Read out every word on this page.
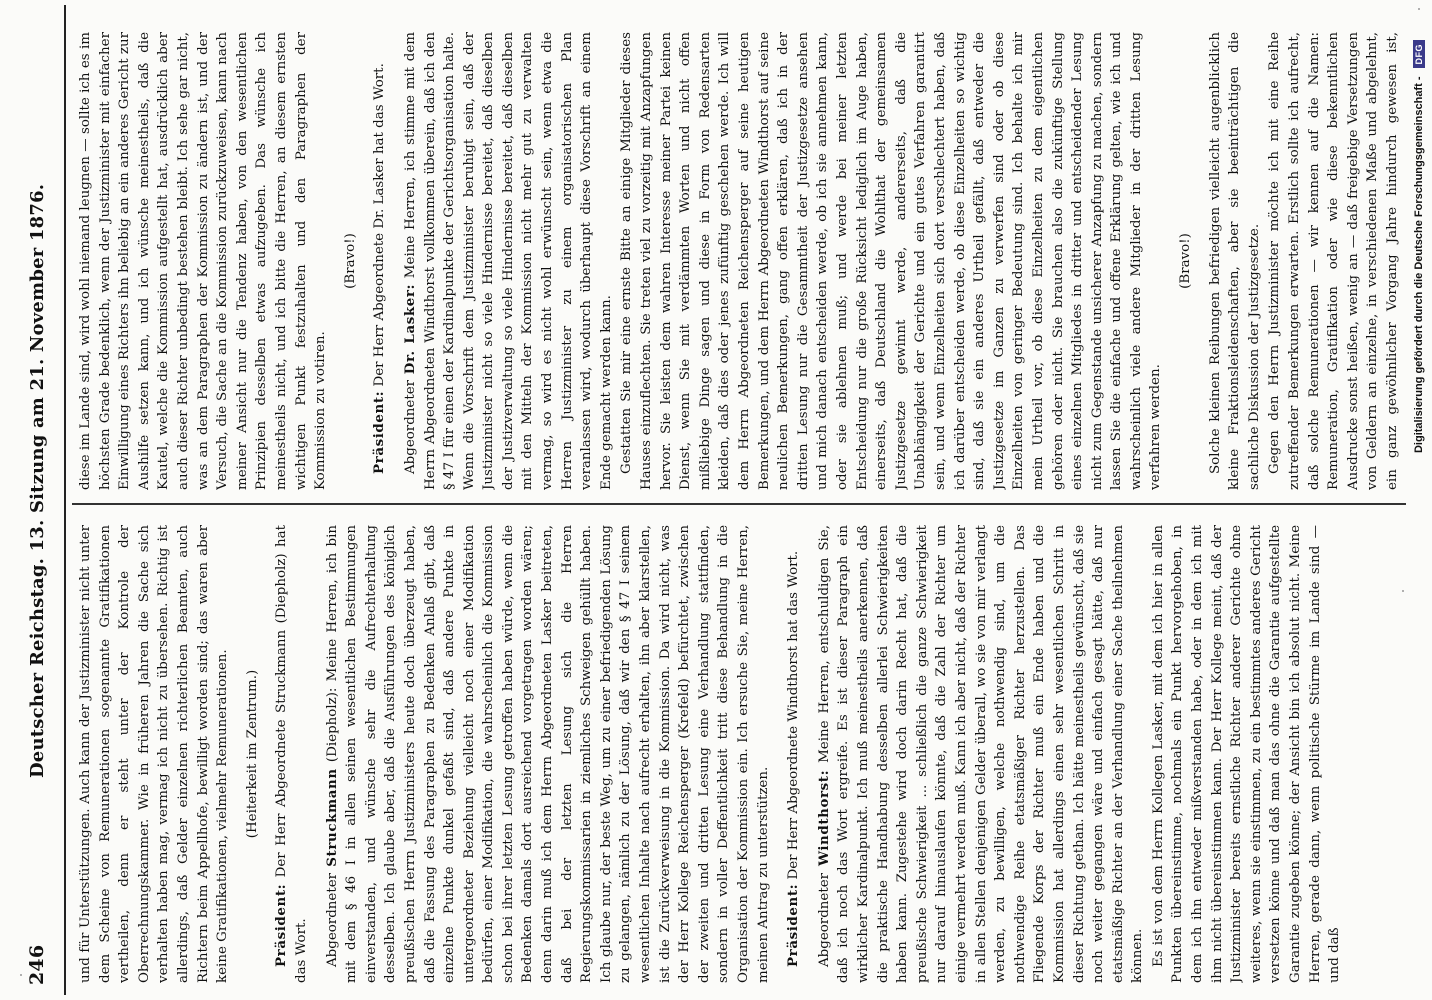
246
Deutscher Reichstag. 13. Sitzung am 21. November 1876.

und für Unterstützungen. Auch kann der Justizminister nicht unter dem Scheine von Remunerationen sogenannte Gratifikationen vertheilen, denn er steht unter der Kontrole der Oberrechnungskammer. Wie in früheren Jahren die Sache sich verhalten haben mag, vermag ich nicht zu übersehen. Richtig ist allerdings, daß Gelder einzelnen richterlichen Beamten, auch Richtern beim Appellhofe, bewilligt worden sind; das waren aber keine Gratifikationen, vielmehr Remunerationen. (Heiterkeit im Zentrum.)

Präsident: Der Herr Abgeordnete Struckmann (Diepholz) hat das Wort. Abgeordneter Struckmann (Diepholz): Meine Herren, ich bin mit dem § 46 I in allen seinen wesentlichen Bestimmungen einverstanden, und wünsche sehr die Aufrechterhaltung desselben. Ich glaube aber, daß die Ausführungen des königlich preußischen Herrn Justizministers heute doch überzeugt haben, daß die Fassung des Paragraphen zu Bedenken Anlaß gibt, daß einzelne Punkte dunkel gefaßt sind, daß andere Punkte in untergeordneter Beziehung vielleicht noch einer Modifikation bedürfen, einer Modifikation, die wahrscheinlich die Kommission schon bei ihrer letzten Lesung getroffen haben würde, wenn die Bedenken damals dort ausreichend vorgetragen worden wären; denn darin muß ich dem Herrn Abgeordneten Lasker beitreten, daß bei der letzten Lesung sich die Herren Regierungskommissarien in ziemliches Schweigen gehüllt haben. Ich glaube nur, der beste Weg, um zu einer befriedigenden Lösung zu gelangen, nämlich zu der Lösung, daß wir den § 47 I seinem wesentlichen Inhalte nach aufrecht erhalten, ihn aber klarstellen, ist die Zurückverweisung in die Kommission. Da wird nicht, was der Herr Kollege Reichensperger (Krefeld) befürchtet, zwischen der zweiten und dritten Lesung eine Verhandlung stattfinden, sondern in voller Deffentlichkeit tritt diese Behandlung in die Organisation der Kommission ein. Ich ersuche Sie, meine Herren, meinen Antrag zu unterstützen. Präsident: Der Herr Abgeordnete Windthorst hat das Wort.

Abgeordneter Windthorst: Meine Herren, entschuldigen Sie, daß ich noch das Wort ergreife. Es ist dieser Paragraph ein wirklicher Kardinalpunkt. Ich muß meinestheils anerkennen, daß die praktische Handhabung desselben allerlei Schwierigkeiten haben kann. Zugestehe wird doch darin Recht hat, daß die preußische Schwierigkeit ... schließlich die ganze Schwierigkeit nur darauf hinauslaufen könnte, daß die Zahl der Richter um einige vermehrt werden muß. Kann ich aber nicht, daß der Richter in allen Stellen denjenigen Gelder überall, wo sie von mir verlangt werden, zu bewilligen, welche nothwendig sind, um die nothwendige Reihe etatsmäßiger Richter herzustellen. Das Fliegende Korps der Richter muß ein Ende haben und die Kommission hat allerdings einen sehr wesentlichen Schritt in dieser Richtung gethan. Ich hätte meinestheils gewünscht, daß sie noch weiter gegangen wäre und einfach gesagt hätte, daß nur etatsmäßige Richter an der Verhandlung einer Sache theilnehmen können. Es ist von dem Herrn Kollegen Lasker, mit dem ich hier in allen Punkten übereinstimme, nochmals ein Punkt hervorgehoben, in dem ich ihn entweder mißverstanden habe, oder in dem ich mit ihm nicht übereinstimmen kann. Der Herr Kollege meint, daß der Justizminister bereits ernstliche Richter anderer Gerichte ohne weiteres, wenn sie einstimmen, zu ein bestimmtes anderes Gericht versetzen könne und daß man das ohne die Garantie aufgestellte Garantie zugeben könne; der Ansicht bin ich absolut nicht. Meine Herren, gerade dann, wenn politische Stürme im Lande sind — und daß

diese im Lande sind, wird wohl niemand leugnen — sollte ich es im höchsten Grade bedenklich, wenn der Justizminister mit einfacher Einwilligung eines Richters ihn beliebig an ein anderes Gericht zur Aushilfe setzen kann, und ich wünsche meinestheils, daß die Kautel, welche die Kommission aufgestellt hat, ausdrücklich aber auch dieser Richter unbedingt bestehen bleibt. Ich sehe gar nicht, was an dem Paragraphen der Kommission zu ändern ist, und der Versuch, die Sache an die Kommission zurückzuweisen, kann nach meiner Ansicht nur die Tendenz haben, von den wesentlichen Prinzipien desselben etwas aufzugeben. Das wünsche ich meinestheils nicht, und ich bitte die Herren, an diesem ernsten wichtigen Punkt festzuhalten und den Paragraphen der Kommission zu votiren.

(Bravo!)

Präsident: Der Herr Abgeordnete Dr. Lasker hat das Wort.

Abgeordneter Dr. Lasker: Meine Herren, ich stimme mit dem Herrn Abgeordneten Windthorst vollkommen überein, daß ich den § 47 I für einen der Kardinalpunkte der Gerichtsorganisation halte. Wenn die Vorschrift dem Justizminister beruhigt sein, daß der Justizminister nicht so viele Hindernisse bereitet, daß dieselben der Justizverwaltung so viele Hindernisse bereitet, daß dieselben mit den Mitteln der Kommission nicht mehr gut zu verwalten vermag, so wird es nicht wohl erwünscht sein, wenn etwa die Herren Justizminister zu einem organisatorischen Plan veranlassen wird, wodurch überhaupt diese Vorschrift an einem Ende gemacht werden kann. Gestatten Sie mir eine ernste Bitte an einige Mitglieder dieses Hauses einzuflechten. Sie treten viel zu vorzeitig mit Anzapfungen hervor. Sie leisten dem wahren Interesse meiner Partei keinen Dienst, wenn Sie mit verdämmten Worten und nicht offen mißliebige Dinge sagen und diese in Form von Redensarten kleiden, daß dies oder jenes zufünftig geschehen werde. Ich will dem Herrn Abgeordneten Reichensperger auf seine heutigen Bemerkungen, und dem Herrn Abgeordneten Windthorst auf seine neulichen Bemerkungen, gang offen erklären, daß ich in der dritten Lesung nur die Gesammtheit der Justizgesetze ansehen und mich danach entscheiden werde, ob ich sie annehmen kann, oder sie ablehnen muß; und werde bei meiner letzten Entscheidung nur die große Rücksicht lediglich im Auge haben, einerseits, daß Deutschland die Wohlthat der gemeinsamen Justizgesetze gewinnt werde, andererseits, daß die Unabhängigkeit der Gerichte und ein gutes Verfahren garantirt sein, und wenn Einzelheiten sich dort verschlechtert haben, daß ich darüber entscheiden werde, ob diese Einzelheiten so wichtig sind, daß sie ein anderes Urtheil gefällt, daß entweder die Justizgesetze im Ganzen zu verwerfen sind oder ob diese Einzelheiten von geringer Bedeutung sind. Ich behalte ich mir mein Urtheil vor, ob diese Einzelheiten zu dem eigentlichen gehören oder nicht. Sie brauchen also die zukünftige Stellung eines einzelnen Mitgliedes in dritter und entscheidender Lesung nicht zum Gegenstande unsicherer Anzapfung zu machen, sondern lassen Sie die einfache und offene Erklärung gelten, wie ich und wahrscheinlich viele andere Mitglieder in der dritten Lesung verfahren werden.

(Bravo!) Solche kleinen Reibungen befriedigen vielleicht augenblicklich kleine Fraktionsleidenschaften, aber sie beeinträchtigen die sachliche Diskussion der Justizgesetze. Gegen den Herrn Justizminister möchte ich mit eine Reihe zutreffender Bemerkungen erwarten. Erstlich sollte ich aufrecht, daß solche Remunerationen — wir kennen auf die Namen: Remuneration, Gratifikation oder wie diese bekenntlichen Ausdrucke sonst heißen, wenig an — daß freigebige Versetzungen von Geldern an einzelne, in verschiedenen Maße und abgelehnt, ein ganz gewöhnlicher Vorgang Jahre hindurch gewesen ist,

Digitalisierung gefördert durch die Deutsche Forschungsgemeinschaft -
DFG
